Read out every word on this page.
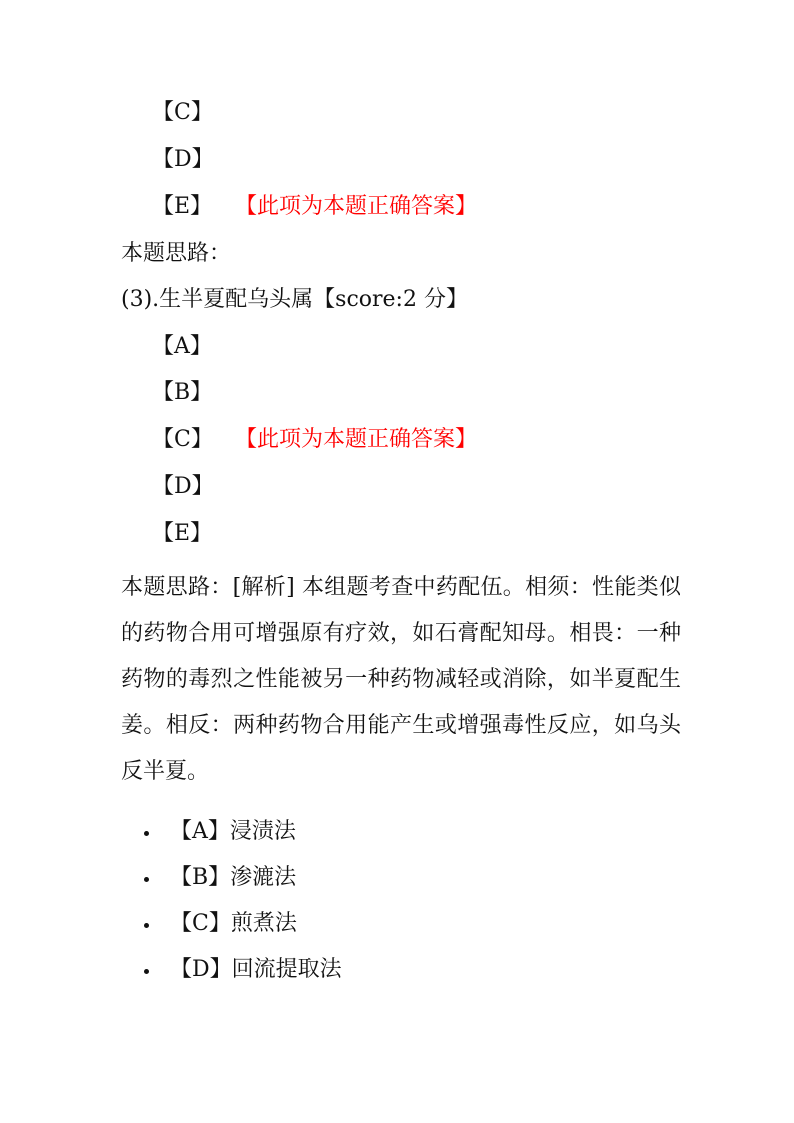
【C】
【D】
【E】 【此项为本题正确答案】
本题思路：
(3).生半夏配乌头属【score:2 分】
【A】
【B】
【C】 【此项为本题正确答案】
【D】
【E】
本题思路：[解析] 本组题考查中药配伍。相须：性能类似的药物合用可增强原有疗效，如石膏配知母。相畏：一种药物的毒烈之性能被另一种药物减轻或消除，如半夏配生姜。相反：两种药物合用能产生或增强毒性反应，如乌头反半夏。
【A】浸渍法
【B】渗漉法
【C】煎煮法
【D】回流提取法
